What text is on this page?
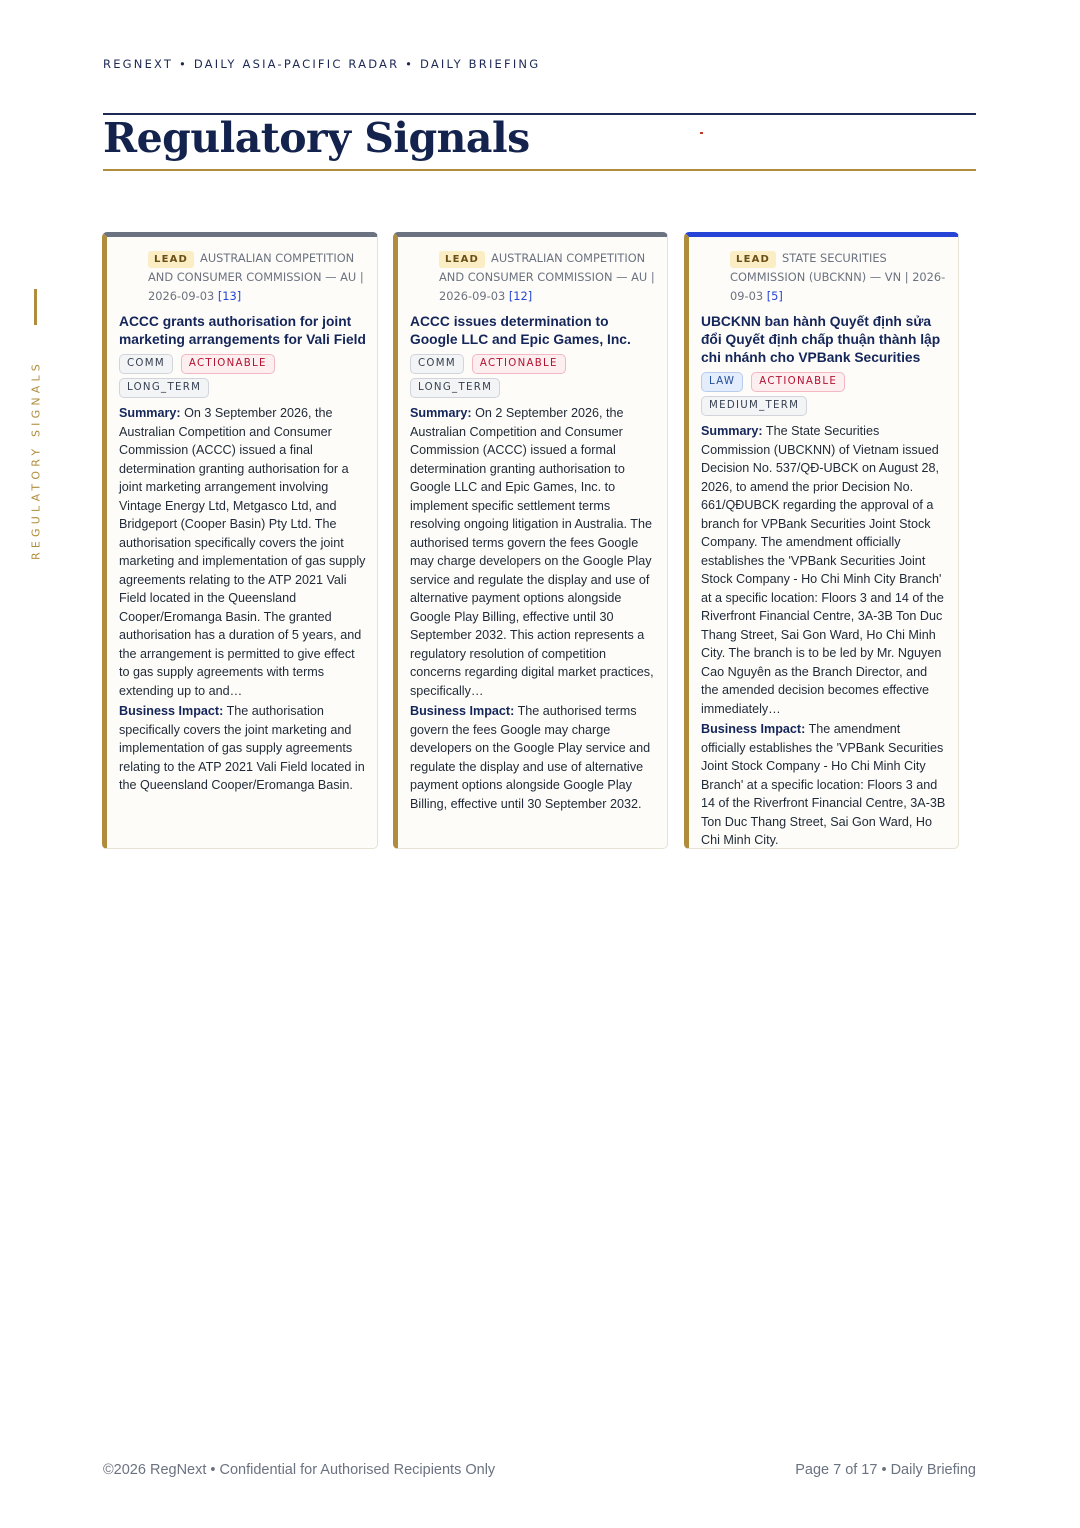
REGNEXT • DAILY ASIA-PACIFIC RADAR • DAILY BRIEFING
Regulatory Signals
REGULATORY SIGNALS
LEAD AUSTRALIAN COMPETITION AND CONSUMER COMMISSION — AU | 2026-09-03 [13]
ACCC grants authorisation for joint marketing arrangements for Vali Field
COMM ACTIONABLELONG_TERM

Summary: On 3 September 2026, the Australian Competition and Consumer Commission (ACCC) issued a final determination granting authorisation for a joint marketing arrangement involving Vintage Energy Ltd, Metgasco Ltd, and Bridgeport (Cooper Basin) Pty Ltd. The authorisation specifically covers the joint marketing and implementation of gas supply agreements relating to the ATP 2021 Vali Field located in the Queensland Cooper/Eromanga Basin. The granted authorisation has a duration of 5 years, and the arrangement is permitted to give effect to gas supply agreements with terms extending up to and…

Business Impact: The authorisation specifically covers the joint marketing and implementation of gas supply agreements relating to the ATP 2021 Vali Field located in the Queensland Cooper/Eromanga Basin.

LEAD AUSTRALIAN COMPETITION AND CONSUMER COMMISSION — AU | 2026-09-03 [12]
ACCC issues determination to Google LLC and Epic Games, Inc.
COMM ACTIONABLELONG_TERM

Summary: On 2 September 2026, the Australian Competition and Consumer Commission (ACCC) issued a formal determination granting authorisation to Google LLC and Epic Games, Inc. to implement specific settlement terms resolving ongoing litigation in Australia. The authorised terms govern the fees Google may charge developers on the Google Play service and regulate the display and use of alternative payment options alongside Google Play Billing, effective until 30 September 2032. This action represents a regulatory resolution of competition concerns regarding digital market practices, specifically…

Business Impact: The authorised terms govern the fees Google may charge developers on the Google Play service and regulate the display and use of alternative payment options alongside Google Play Billing, effective until 30 September 2032.

LEAD STATE SECURITIES COMMISSION (UBCKNN) — VN | 2026-09-03 [5]
UBCKNN ban hành Quyết định sửa đổi Quyết định chấp thuận thành lập chi nhánh cho VPBank Securities
LAW ACTIONABLEMEDIUM_TERM

Summary: The State Securities Commission (UBCKNN) of Vietnam issued Decision No. 537/QĐ-UBCK on August 28, 2026, to amend the prior Decision No. 661/QĐUBCK regarding the approval of a branch for VPBank Securities Joint Stock Company. The amendment officially establishes the 'VPBank Securities Joint Stock Company - Ho Chi Minh City Branch' at a specific location: Floors 3 and 14 of the Riverfront Financial Centre, 3A-3B Ton Duc Thang Street, Sai Gon Ward, Ho Chi Minh City. The branch is to be led by Mr. Nguyen Cao Nguyên as the Branch Director, and the amended decision becomes effective immediately…

Business Impact: The amendment officially establishes the 'VPBank Securities Joint Stock Company - Ho Chi Minh City Branch' at a specific location: Floors 3 and 14 of the Riverfront Financial Centre, 3A-3B Ton Duc Thang Street, Sai Gon Ward, Ho Chi Minh City.

©2026 RegNext • Confidential for Authorised Recipients Only	Page 7 of 17 • Daily Briefing
